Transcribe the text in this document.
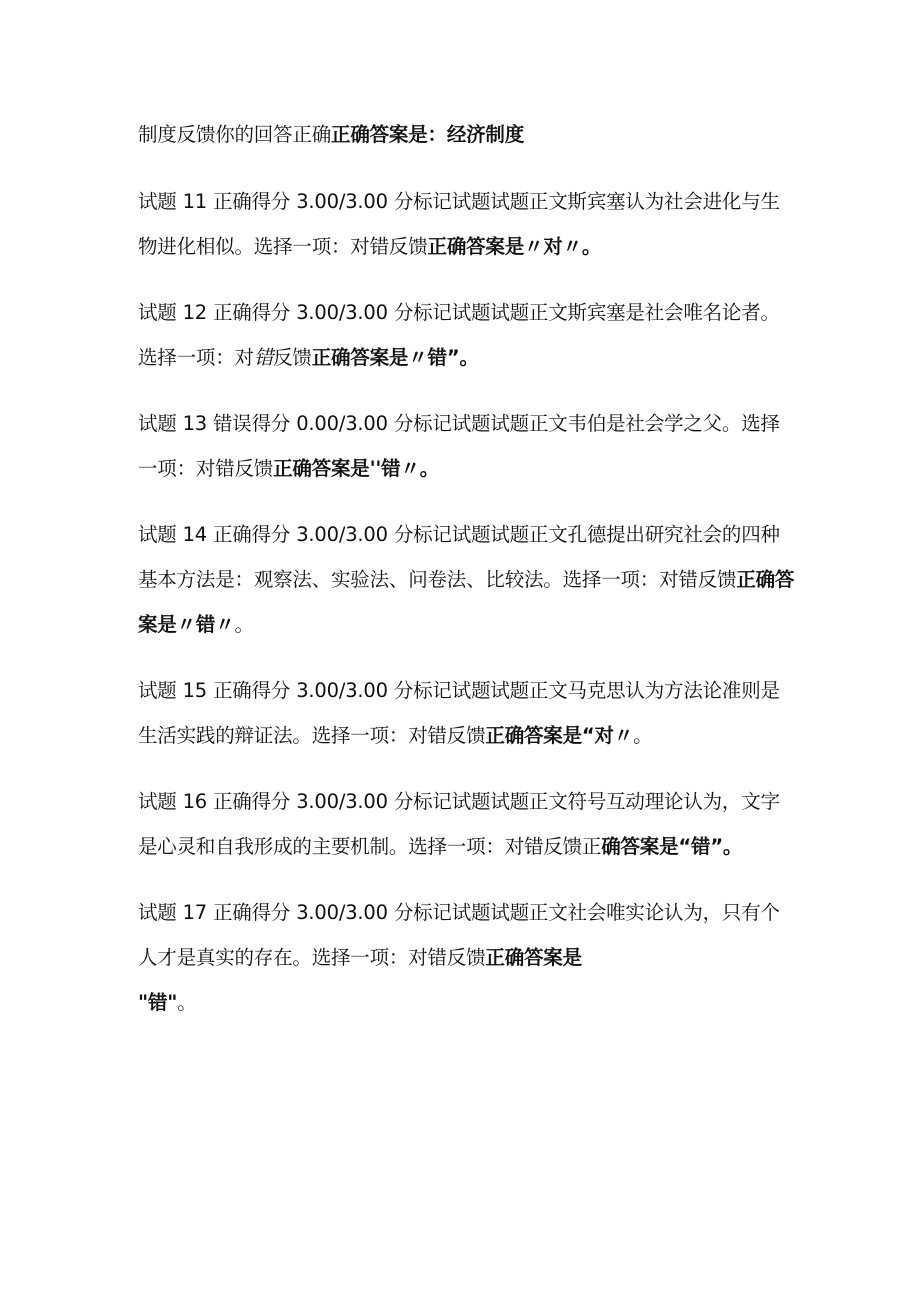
制度反馈你的回答正确正确答案是：经济制度

试题 11 正确得分 3.00/3.00 分标记试题试题正文斯宾塞认为社会进化与生物进化相似。选择一项：对错反馈正确答案是〃对〃。

试题 12 正确得分 3.00/3.00 分标记试题试题正文斯宾塞是社会唯名论者。选择一项：对错反馈正确答案是〃错”。

试题 13 错误得分 0.00/3.00 分标记试题试题正文韦伯是社会学之父。选择一项：对错反馈正确答案是''错〃。

试题 14 正确得分 3.00/3.00 分标记试题试题正文孔德提出研究社会的四种基本方法是：观察法、实验法、问卷法、比较法。选择一项：对错反馈正确答案是〃错〃。

试题 15 正确得分 3.00/3.00 分标记试题试题正文马克思认为方法论准则是生活实践的辩证法。选择一项：对错反馈正确答案是“对〃。

试题 16 正确得分 3.00/3.00 分标记试题试题正文符号互动理论认为，文字是心灵和自我形成的主要机制。选择一项：对错反馈正确答案是“错”。

试题 17 正确得分 3.00/3.00 分标记试题试题正文社会唯实论认为，只有个人才是真实的存在。选择一项：对错反馈正确答案是

"错"。
